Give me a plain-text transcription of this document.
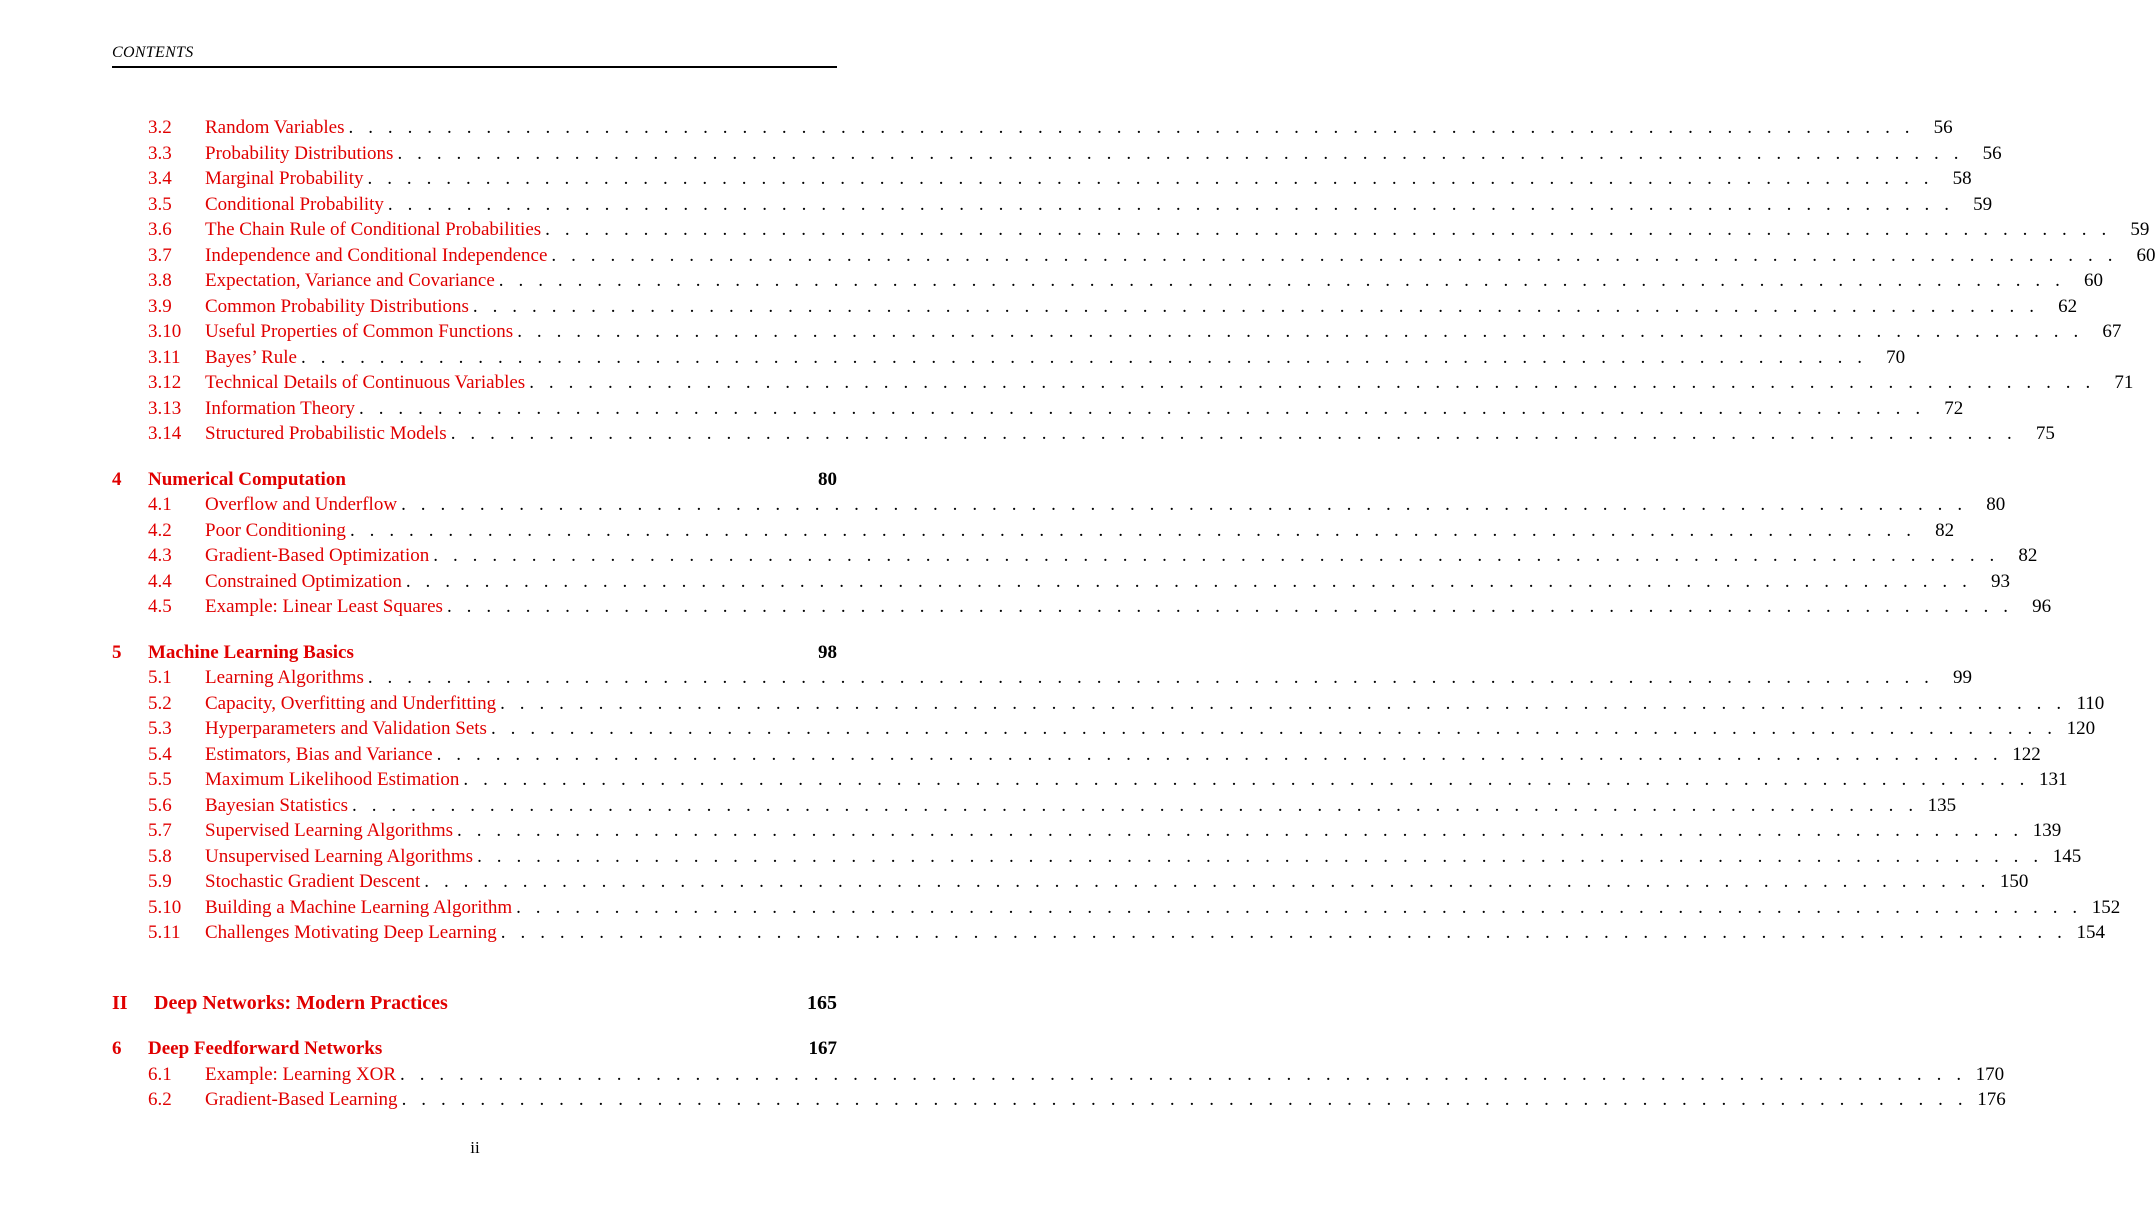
CONTENTS
3.2	Random Variables . . . . . . . . . . . . . . . . . . . . . . . . . . . . . . . . . . . . . . . . . . . . . . . . . . . . . . . . . . . . . . . . . . . . . . . . . . . . . . . .	56
3.3	Probability Distributions . . . . . . . . . . . . . . . . . . . . . . . . . . . . . . . . . . . . . . . . . . . . . . . . . . . . . . . . . . . . . . . . . . . . . . . . . . . . . . . .	56
3.4	Marginal Probability . . . . . . . . . . . . . . . . . . . . . . . . . . . . . . . . . . . . . . . . . . . . . . . . . . . . . . . . . . . . . . . . . . . . . . . . . . . . . . . .	58
3.5	Conditional Probability . . . . . . . . . . . . . . . . . . . . . . . . . . . . . . . . . . . . . . . . . . . . . . . . . . . . . . . . . . . . . . . . . . . . . . . . . . . . . . . .	59
3.6	The Chain Rule of Conditional Probabilities . . . . . . . . . . . . . . . . . . . . . . . . . . . . . . . . . . . . . . . . . . . . . . . . . . . . . . . . . . . . . . . . . . . . . . . . . . . . . . . .	59
3.7	Independence and Conditional Independence . . . . . . . . . . . . . . . . . . . . . . . . . . . . . . . . . . . . . . . . . . . . . . . . . . . . . . . . . . . . . . . . . . . . . . . . . . . . . . . .	60
3.8	Expectation, Variance and Covariance . . . . . . . . . . . . . . . . . . . . . . . . . . . . . . . . . . . . . . . . . . . . . . . . . . . . . . . . . . . . . . . . . . . . . . . . . . . . . . . .	60
3.9	Common Probability Distributions . . . . . . . . . . . . . . . . . . . . . . . . . . . . . . . . . . . . . . . . . . . . . . . . . . . . . . . . . . . . . . . . . . . . . . . . . . . . . . . .	62
3.10	Useful Properties of Common Functions . . . . . . . . . . . . . . . . . . . . . . . . . . . . . . . . . . . . . . . . . . . . . . . . . . . . . . . . . . . . . . . . . . . . . . . . . . . . . . . .	67
3.11	Bayes’ Rule . . . . . . . . . . . . . . . . . . . . . . . . . . . . . . . . . . . . . . . . . . . . . . . . . . . . . . . . . . . . . . . . . . . . . . . . . . . . . . . .	70
3.12	Technical Details of Continuous Variables . . . . . . . . . . . . . . . . . . . . . . . . . . . . . . . . . . . . . . . . . . . . . . . . . . . . . . . . . . . . . . . . . . . . . . . . . . . . . . . .	71
3.13	Information Theory . . . . . . . . . . . . . . . . . . . . . . . . . . . . . . . . . . . . . . . . . . . . . . . . . . . . . . . . . . . . . . . . . . . . . . . . . . . . . . . .	72
3.14	Structured Probabilistic Models . . . . . . . . . . . . . . . . . . . . . . . . . . . . . . . . . . . . . . . . . . . . . . . . . . . . . . . . . . . . . . . . . . . . . . . . . . . . . . . .	75
4	Numerical Computation	80
4.1	Overflow and Underflow . . . . . . . . . . . . . . . . . . . . . . . . . . . . . . . . . . . . . . . . . . . . . . . . . . . . . . . . . . . . . . . . . . . . . . . . . . . . . . . .	80
4.2	Poor Conditioning . . . . . . . . . . . . . . . . . . . . . . . . . . . . . . . . . . . . . . . . . . . . . . . . . . . . . . . . . . . . . . . . . . . . . . . . . . . . . . . .	82
4.3	Gradient-Based Optimization . . . . . . . . . . . . . . . . . . . . . . . . . . . . . . . . . . . . . . . . . . . . . . . . . . . . . . . . . . . . . . . . . . . . . . . . . . . . . . . .	82
4.4	Constrained Optimization . . . . . . . . . . . . . . . . . . . . . . . . . . . . . . . . . . . . . . . . . . . . . . . . . . . . . . . . . . . . . . . . . . . . . . . . . . . . . . . .	93
4.5	Example: Linear Least Squares . . . . . . . . . . . . . . . . . . . . . . . . . . . . . . . . . . . . . . . . . . . . . . . . . . . . . . . . . . . . . . . . . . . . . . . . . . . . . . . .	96
5	Machine Learning Basics	98
5.1	Learning Algorithms . . . . . . . . . . . . . . . . . . . . . . . . . . . . . . . . . . . . . . . . . . . . . . . . . . . . . . . . . . . . . . . . . . . . . . . . . . . . . . . .	99
5.2	Capacity, Overfitting and Underfitting . . . . . . . . . . . . . . . . . . . . . . . . . . . . . . . . . . . . . . . . . . . . . . . . . . . . . . . . . . . . . . . . . . . . . . . . . . . . . . . . 110
5.3	Hyperparameters and Validation Sets . . . . . . . . . . . . . . . . . . . . . . . . . . . . . . . . . . . . . . . . . . . . . . . . . . . . . . . . . . . . . . . . . . . . . . . . . . . . . . . . 120
5.4	Estimators, Bias and Variance . . . . . . . . . . . . . . . . . . . . . . . . . . . . . . . . . . . . . . . . . . . . . . . . . . . . . . . . . . . . . . . . . . . . . . . . . . . . . . . . 122
5.5	Maximum Likelihood Estimation . . . . . . . . . . . . . . . . . . . . . . . . . . . . . . . . . . . . . . . . . . . . . . . . . . . . . . . . . . . . . . . . . . . . . . . . . . . . . . . . 131
5.6	Bayesian Statistics . . . . . . . . . . . . . . . . . . . . . . . . . . . . . . . . . . . . . . . . . . . . . . . . . . . . . . . . . . . . . . . . . . . . . . . . . . . . . . . . 135
5.7	Supervised Learning Algorithms . . . . . . . . . . . . . . . . . . . . . . . . . . . . . . . . . . . . . . . . . . . . . . . . . . . . . . . . . . . . . . . . . . . . . . . . . . . . . . . . 139
5.8	Unsupervised Learning Algorithms . . . . . . . . . . . . . . . . . . . . . . . . . . . . . . . . . . . . . . . . . . . . . . . . . . . . . . . . . . . . . . . . . . . . . . . . . . . . . . . . 145
5.9	Stochastic Gradient Descent . . . . . . . . . . . . . . . . . . . . . . . . . . . . . . . . . . . . . . . . . . . . . . . . . . . . . . . . . . . . . . . . . . . . . . . . . . . . . . . . 150
5.10	Building a Machine Learning Algorithm . . . . . . . . . . . . . . . . . . . . . . . . . . . . . . . . . . . . . . . . . . . . . . . . . . . . . . . . . . . . . . . . . . . . . . . . . . . . . . . . 152
5.11	Challenges Motivating Deep Learning . . . . . . . . . . . . . . . . . . . . . . . . . . . . . . . . . . . . . . . . . . . . . . . . . . . . . . . . . . . . . . . . . . . . . . . . . . . . . . . . 154
II	Deep Networks: Modern Practices	165
6	Deep Feedforward Networks	167
6.1	Example: Learning XOR . . . . . . . . . . . . . . . . . . . . . . . . . . . . . . . . . . . . . . . . . . . . . . . . . . . . . . . . . . . . . . . . . . . . . . . . . . . . . . . . 170
6.2	Gradient-Based Learning . . . . . . . . . . . . . . . . . . . . . . . . . . . . . . . . . . . . . . . . . . . . . . . . . . . . . . . . . . . . . . . . . . . . . . . . . . . . . . . . 176
ii
